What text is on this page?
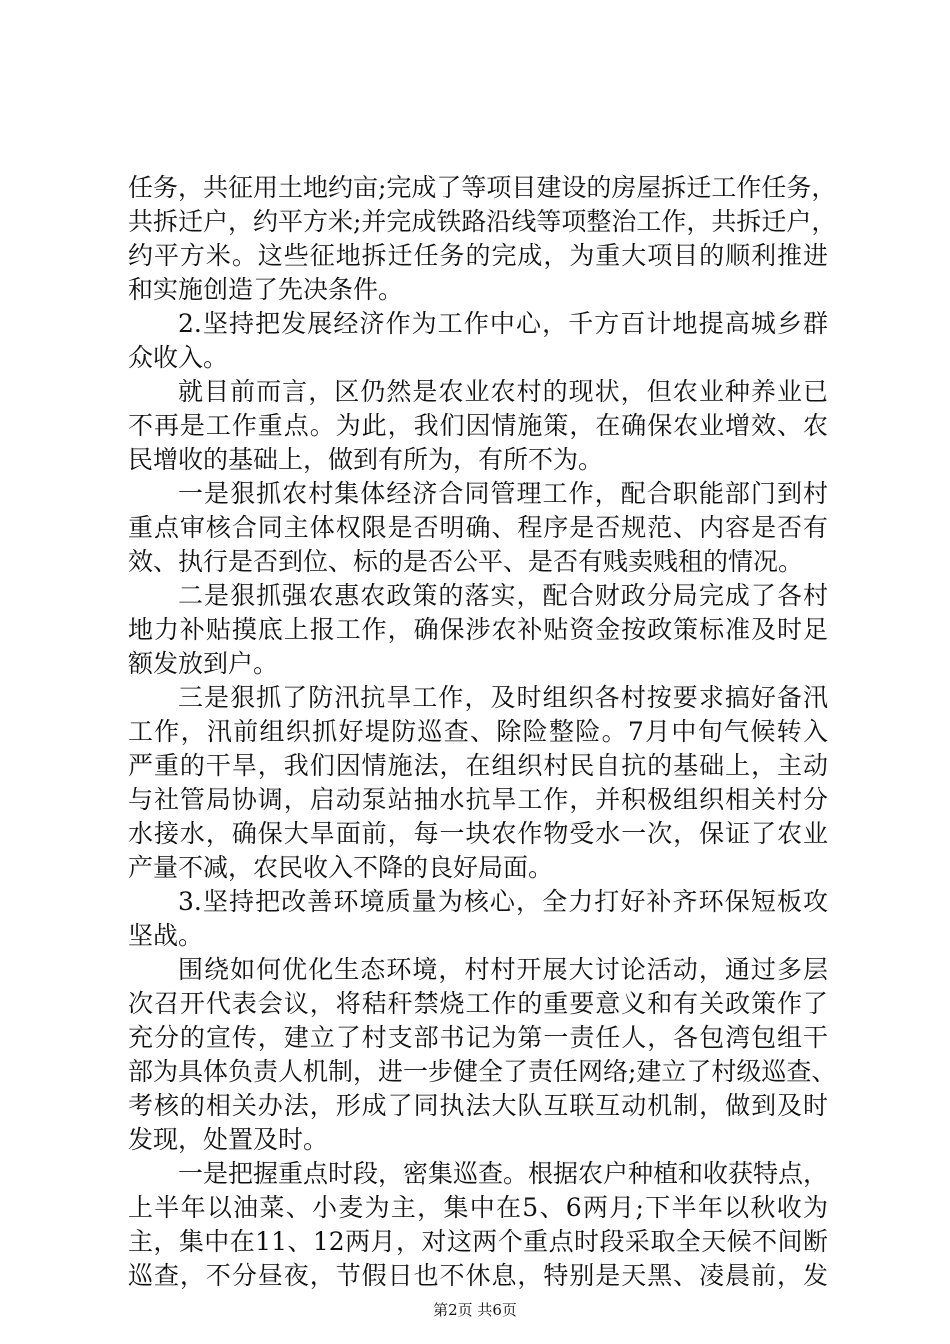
任务，共征用土地约亩;完成了等项目建设的房屋拆迁工作任务，
共拆迁户，约平方米;并完成铁路沿线等项整治工作，共拆迁户，
约平方米。这些征地拆迁任务的完成，为重大项目的顺利推进
和实施创造了先决条件。
2.坚持把发展经济作为工作中心，千方百计地提高城乡群
众收入。
就目前而言，区仍然是农业农村的现状，但农业种养业已
不再是工作重点。为此，我们因情施策，在确保农业增效、农
民增收的基础上，做到有所为，有所不为。
一是狠抓农村集体经济合同管理工作，配合职能部门到村
重点审核合同主体权限是否明确、程序是否规范、内容是否有
效、执行是否到位、标的是否公平、是否有贱卖贱租的情况。
二是狠抓强农惠农政策的落实，配合财政分局完成了各村
地力补贴摸底上报工作，确保涉农补贴资金按政策标准及时足
额发放到户。
三是狠抓了防汛抗旱工作，及时组织各村按要求搞好备汛
工作，汛前组织抓好堤防巡查、除险整险。7月中旬气候转入
严重的干旱，我们因情施法，在组织村民自抗的基础上，主动
与社管局协调，启动泵站抽水抗旱工作，并积极组织相关村分
水接水，确保大旱面前，每一块农作物受水一次，保证了农业
产量不减，农民收入不降的良好局面。
3.坚持把改善环境质量为核心，全力打好补齐环保短板攻
坚战。
围绕如何优化生态环境，村村开展大讨论活动，通过多层
次召开代表会议，将秸秆禁烧工作的重要意义和有关政策作了
充分的宣传，建立了村支部书记为第一责任人，各包湾包组干
部为具体负责人机制，进一步健全了责任网络;建立了村级巡查、
考核的相关办法，形成了同执法大队互联互动机制，做到及时
发现，处置及时。
一是把握重点时段，密集巡查。根据农户种植和收获特点，
上半年以油菜、小麦为主，集中在5、6两月;下半年以秋收为
主，集中在11、12两月，对这两个重点时段采取全天候不间断
巡查，不分昼夜，节假日也不休息，特别是天黑、凌晨前，发
第2页 共6页
